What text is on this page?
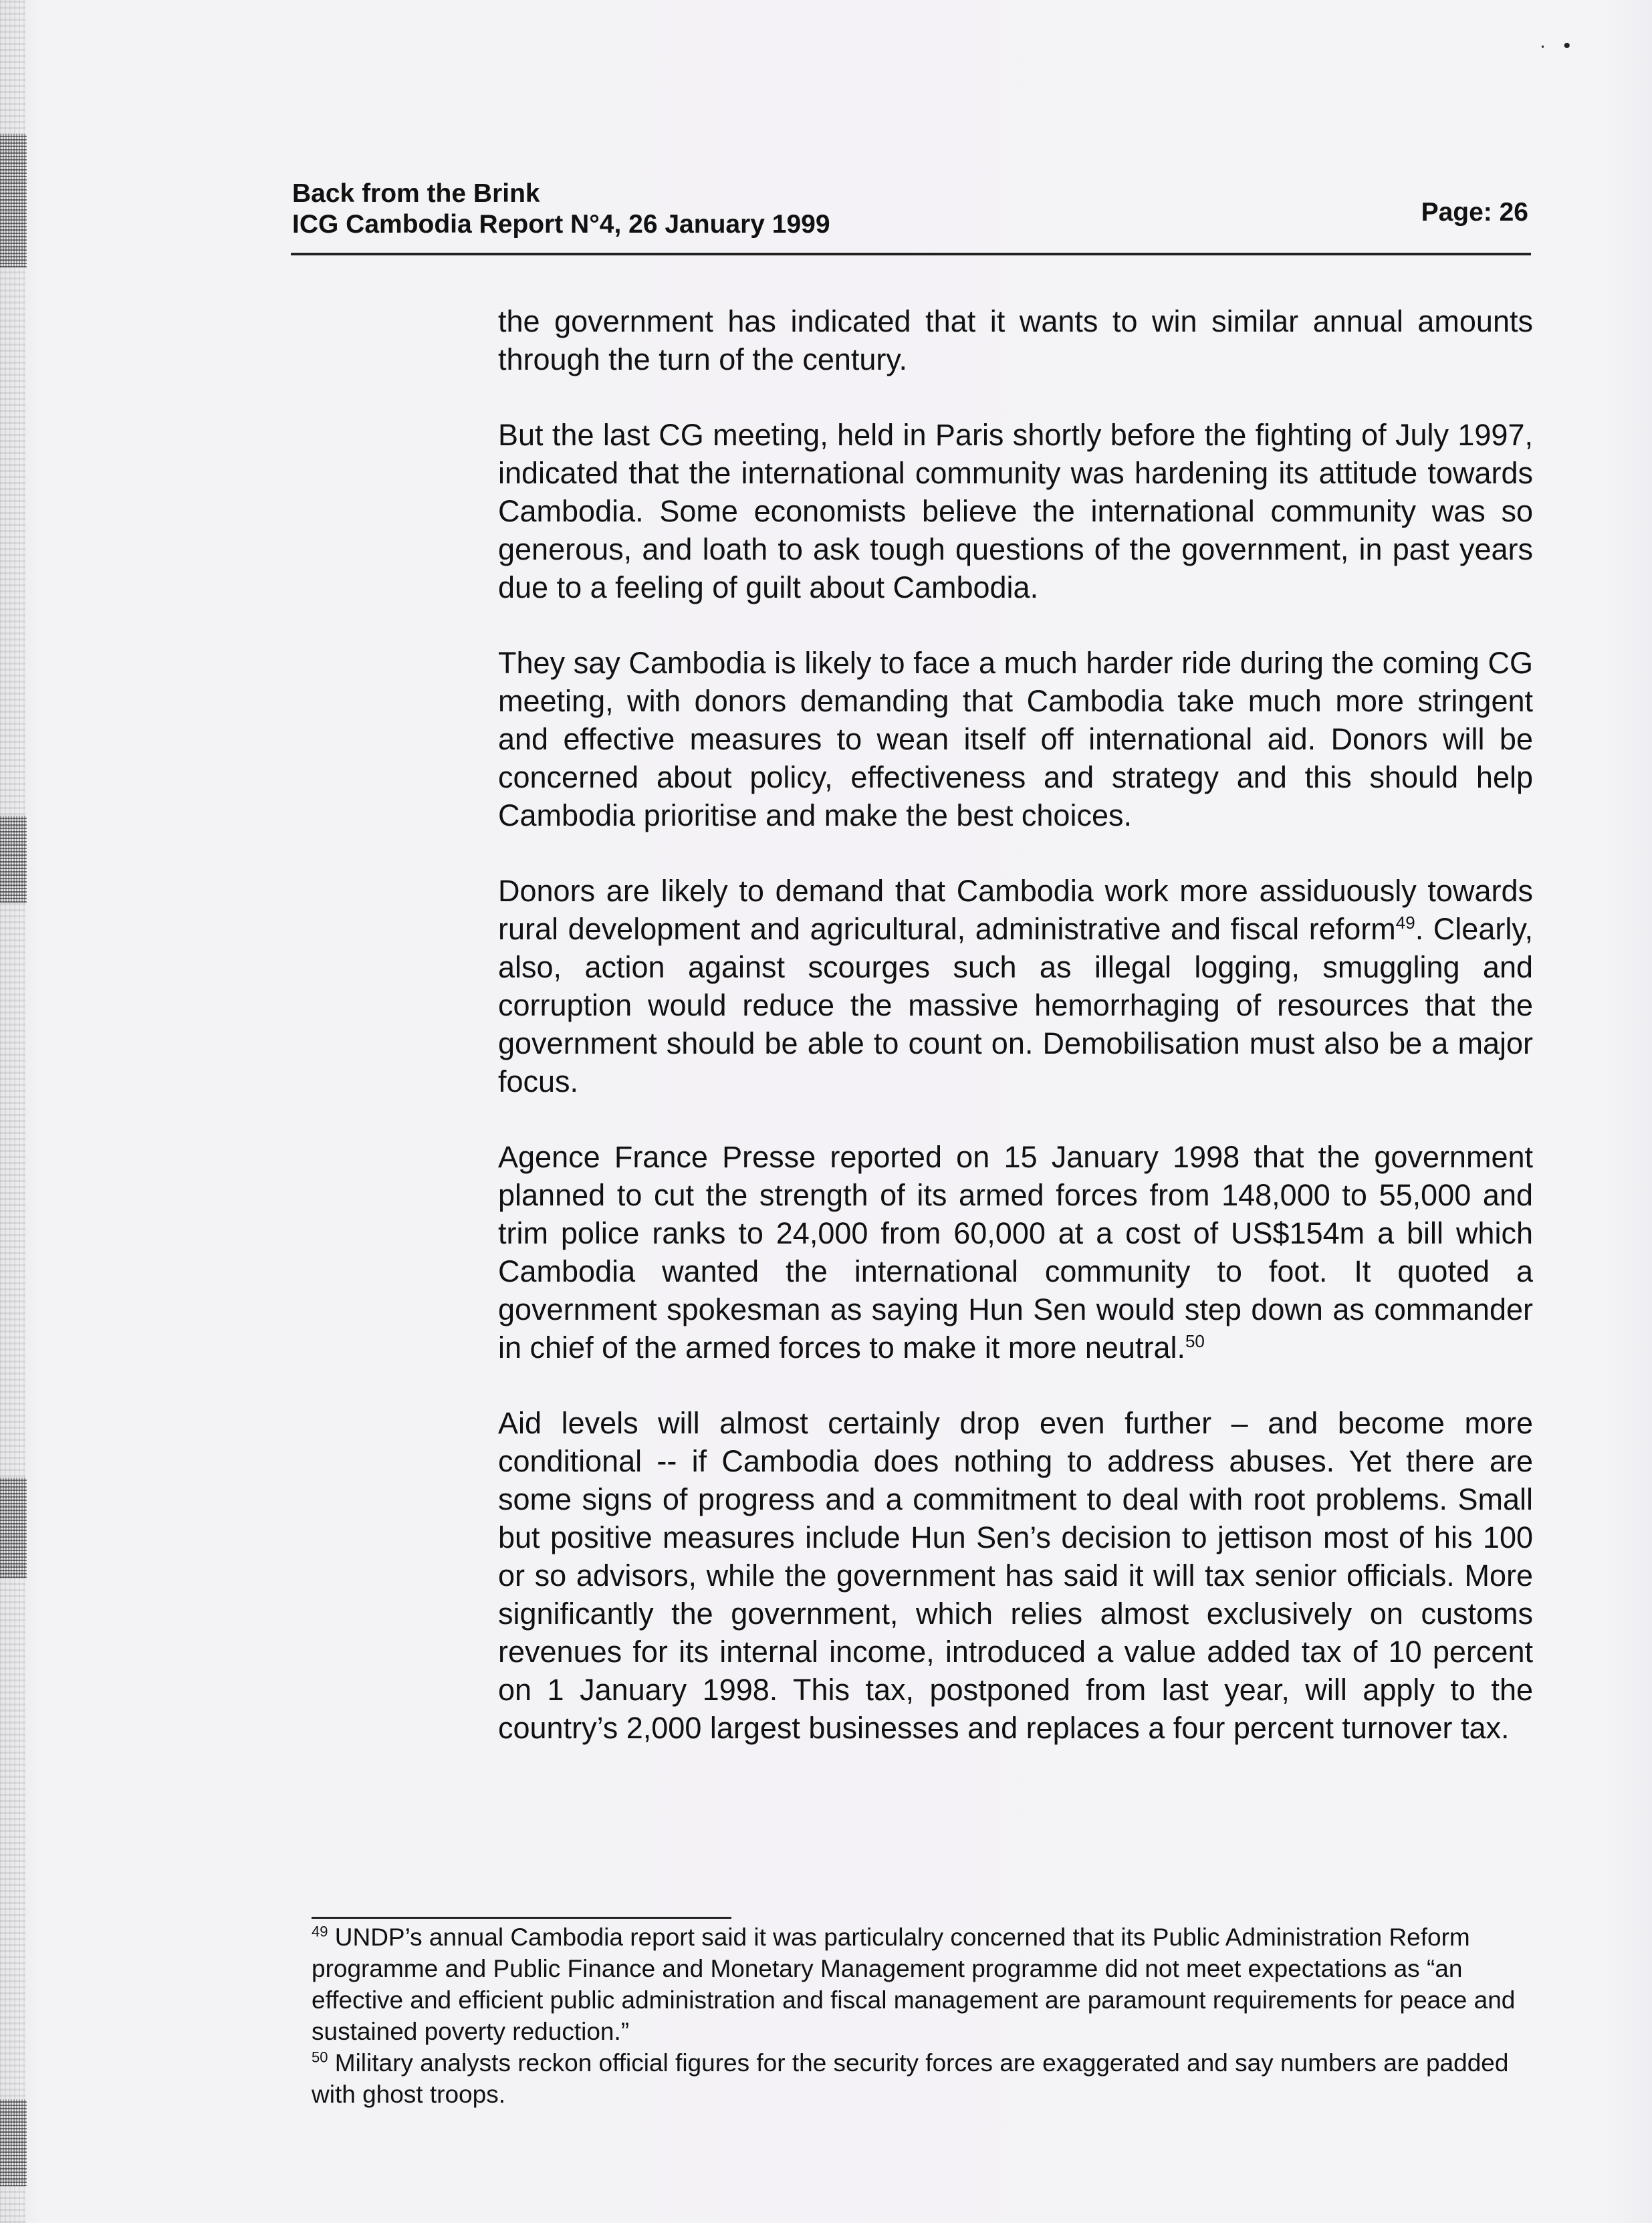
·•
Back from the Brink
ICG Cambodia Report N°4, 26 January 1999	Page: 26

the government has indicated that it wants to win similar annual amounts through the turn of the century.

But the last CG meeting, held in Paris shortly before the fighting of July 1997, indicated that the international community was hardening its attitude towards Cambodia. Some economists believe the international community was so generous, and loath to ask tough questions of the government, in past years due to a feeling of guilt about Cambodia.

They say Cambodia is likely to face a much harder ride during the coming CG meeting, with donors demanding that Cambodia take much more stringent and effective measures to wean itself off international aid. Donors will be concerned about policy, effectiveness and strategy and this should help Cambodia prioritise and make the best choices.

Donors are likely to demand that Cambodia work more assiduously towards rural development and agricultural, administrative and fiscal reform$^{49}$. Clearly, also, action against scourges such as illegal logging, smuggling and corruption would reduce the massive hemorrhaging of resources that the government should be able to count on. Demobilisation must also be a major focus.

Agence France Presse reported on 15 January 1998 that the government planned to cut the strength of its armed forces from 148,000 to 55,000 and trim police ranks to 24,000 from 60,000 at a cost of US$154m a bill which Cambodia wanted the international community to foot. It quoted a government spokesman as saying Hun Sen would step down as commander in chief of the armed forces to make it more neutral.$^{50}$

Aid levels will almost certainly drop even further – and become more conditional -- if Cambodia does nothing to address abuses. Yet there are some signs of progress and a commitment to deal with root problems. Small but positive measures include Hun Sen’s decision to jettison most of his 100 or so advisors, while the government has said it will tax senior officials. More significantly the government, which relies almost exclusively on customs revenues for its internal income, introduced a value added tax of 10 percent on 1 January 1998. This tax, postponed from last year, will apply to the country’s 2,000 largest businesses and replaces a four percent turnover tax.

$^{49}$ UNDP’s annual Cambodia report said it was particulalry concerned that its Public Administration Reform programme and Public Finance and Monetary Management programme did not meet expectations as “an effective and efficient public administration and fiscal management are paramount requirements for peace and sustained poverty reduction.”

$^{50}$ Military analysts reckon official figures for the security forces are exaggerated and say numbers are padded with ghost troops.
